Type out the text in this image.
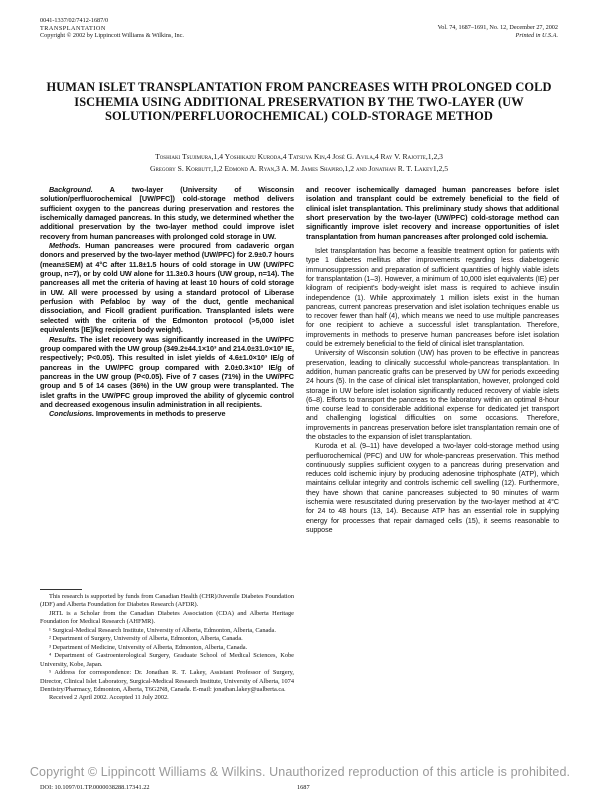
0041-1337/02/7412-1687/0
TRANSPLANTATION
Copyright © 2002 by Lippincott Williams & Wilkins, Inc.
Vol. 74, 1687–1691, No. 12, December 27, 2002
Printed in U.S.A.
HUMAN ISLET TRANSPLANTATION FROM PANCREASES WITH PROLONGED COLD ISCHEMIA USING ADDITIONAL PRESERVATION BY THE TWO-LAYER (UW SOLUTION/PERFLUOROCHEMICAL) COLD-STORAGE METHOD
Toshiaki Tsujimura,1,4 Yoshikazu Kuroda,4 Tatsuya Kin,4 José G. Avila,4 Ray V. Rajotte,1,2,3
Gregory S. Korbutt,1,2 Edmond A. Ryan,3 A. M. James Shapiro,1,2 and Jonathan R. T. Lakey1,2,5

Background. A two-layer (University of Wisconsin solution/perfluorochemical [UW/PFC]) cold-storage method delivers sufficient oxygen to the pancreas during preservation and restores the ischemically damaged pancreas. In this study, we determined whether the additional preservation by the two-layer method could improve islet recovery from human pancreases with prolonged cold storage in UW.

Methods. Human pancreases were procured from cadaveric organ donors and preserved by the two-layer method (UW/PFC) for 2.9±0.7 hours (mean±SEM) at 4°C after 11.8±1.5 hours of cold storage in UW (UW/PFC group, n=7), or by cold UW alone for 11.3±0.3 hours (UW group, n=14). The pancreases all met the criteria of having at least 10 hours of cold storage in UW. All were processed by using a standard protocol of Liberase perfusion with Pefabloc by way of the duct, gentle mechanical dissociation, and Ficoll gradient purification. Transplanted islets were selected with the criteria of the Edmonton protocol (>5,000 islet equivalents [IE]/kg recipient body weight).

Results. The islet recovery was significantly increased in the UW/PFC group compared with the UW group (349.2±44.1×10³ and 214.0±31.0×10³ IE, respectively; P<0.05). This resulted in islet yields of 4.6±1.0×10³ IE/g of pancreas in the UW/PFC group compared with 2.0±0.3×10³ IE/g of pancreas in the UW group (P<0.05). Five of 7 cases (71%) in the UW/PFC group and 5 of 14 cases (36%) in the UW group were transplanted. The islet grafts in the UW/PFC group improved the ability of glycemic control and decreased exogenous insulin administration in all recipients.

Conclusions. Improvements in methods to preserve

This research is supported by funds from Canadian Health (CHR)/Juvenile Diabetes Foundation (JDF) and Alberta Foundation for Diabetes Research (AFDR).

JRTL is a Scholar from the Canadian Diabetes Association (CDA) and Alberta Heritage Foundation for Medical Research (AHFMR).

¹ Surgical-Medical Research Institute, University of Alberta, Edmonton, Alberta, Canada.

² Department of Surgery, University of Alberta, Edmonton, Alberta, Canada.

³ Department of Medicine, University of Alberta, Edmonton, Alberta, Canada.

⁴ Department of Gastroenterological Surgery, Graduate School of Medical Sciences, Kobe University, Kobe, Japan.

⁵ Address for correspondence: Dr. Jonathan R. T. Lakey, Assistant Professor of Surgery, Director, Clinical Islet Laboratory, Surgical-Medical Research Institute, University of Alberta, 1074 Dentistry/Pharmacy, Edmonton, Alberta, T6G2N8, Canada. E-mail: jonathan.lakey@ualberta.ca.

Received 2 April 2002. Accepted 11 July 2002.

and recover ischemically damaged human pancreases before islet isolation and transplant could be extremely beneficial to the field of clinical islet transplantation. This preliminary study shows that additional short preservation by the two-layer (UW/PFC) cold-storage method can significantly improve islet recovery and increase opportunities of islet transplantation from human pancreases after prolonged cold ischemia.

Islet transplantation has become a feasible treatment option for patients with type 1 diabetes mellitus after improvements regarding less diabetogenic immunosuppression and preparation of sufficient quantities of highly viable islets for transplantation (1–3). However, a minimum of 10,000 islet equivalents (IE) per kilogram of recipient's body-weight islet mass is required to achieve insulin independence (1). While approximately 1 million islets exist in the human pancreas, current pancreas preservation and islet isolation techniques enable us to recover fewer than half (4), which means we need to use multiple pancreases for one recipient to achieve a successful islet transplantation. Therefore, improvements in methods to preserve human pancreases before islet isolation could be extremely beneficial to the field of clinical islet transplantation.

University of Wisconsin solution (UW) has proven to be effective in pancreas preservation, leading to clinically successful whole-pancreas transplantation. In addition, human pancreatic grafts can be preserved by UW for periods exceeding 24 hours (5). In the case of clinical islet transplantation, however, prolonged cold storage in UW before islet isolation significantly reduced recovery of viable islets (6–8). Efforts to transport the pancreas to the laboratory within an optimal 8-hour time course lead to considerable additional expense for dedicated jet transport and challenging logistical difficulties on some occasions. Therefore, improvements in pancreas preservation before islet transplantation remain one of the obstacles to the expansion of islet transplantation.

Kuroda et al. (9–11) have developed a two-layer cold-storage method using perfluorochemical (PFC) and UW for whole-pancreas preservation. This method continuously supplies sufficient oxygen to a pancreas during preservation and reduces cold ischemic injury by producing adenosine triphosphate (ATP), which maintains cellular integrity and controls ischemic cell swelling (12). Furthermore, they have shown that canine pancreases subjected to 90 minutes of warm ischemia were resuscitated during preservation by the two-layer method at 4°C for 24 to 48 hours (13, 14). Because ATP has an essential role in supplying energy for processes that repair damaged cells (15), it seems reasonable to suppose

DOI: 10.1097/01.TP.0000038288.17341.22	1687
Copyright © Lippincott Williams & Wilkins. Unauthorized reproduction of this article is prohibited.
